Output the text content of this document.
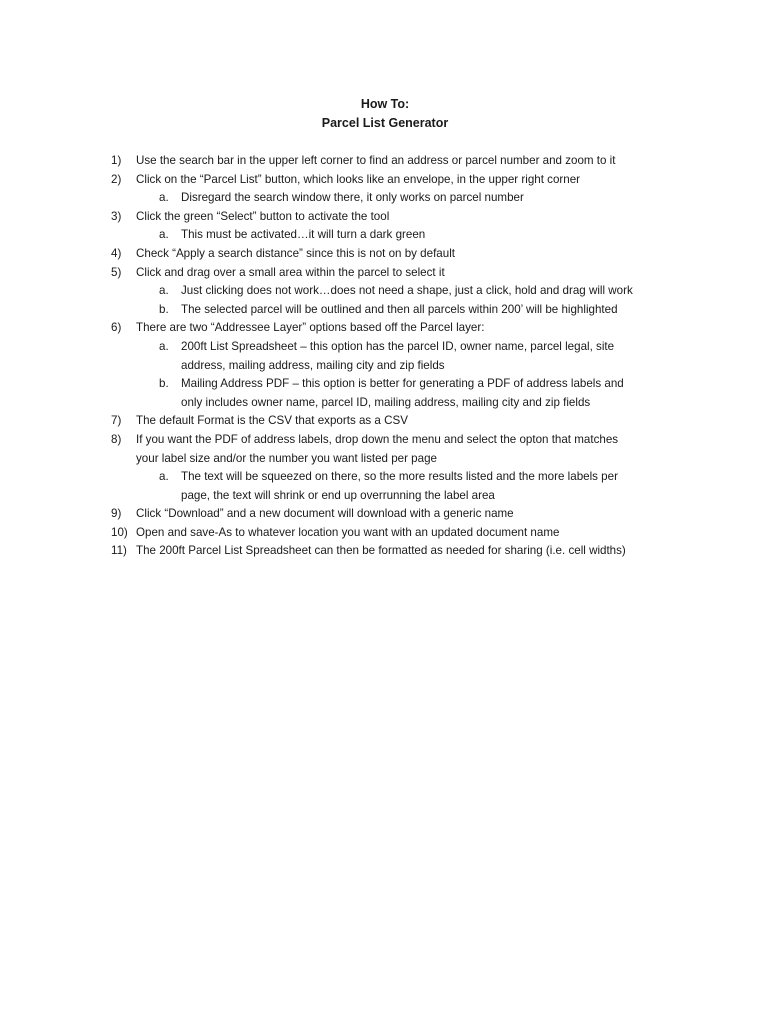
How To:
Parcel List Generator
1)	Use the search bar in the upper left corner to find an address or parcel number and zoom to it
2)	Click on the “Parcel List” button, which looks like an envelope, in the upper right corner
a.	Disregard the search window there, it only works on parcel number
3)	Click the green “Select” button to activate the tool
a.	This must be activated…it will turn a dark green
4)	Check “Apply a search distance” since this is not on by default
5)	Click and drag over a small area within the parcel to select it
a.	Just clicking does not work…does not need a shape, just a click, hold and drag will work
b.	The selected parcel will be outlined and then all parcels within 200’ will be highlighted
6)	There are two “Addressee Layer” options based off the Parcel layer:
a.	200ft List Spreadsheet – this option has the parcel ID, owner name, parcel legal, site
address, mailing address, mailing city and zip fields
b.	Mailing Address PDF – this option is better for generating a PDF of address labels and
only includes owner name, parcel ID, mailing address, mailing city and zip fields
7)	The default Format is the CSV that exports as a CSV
8)	If you want the PDF of address labels, drop down the menu and select the opton that matches
your label size and/or the number you want listed per page
a.	The text will be squeezed on there, so the more results listed and the more labels per
page, the text will shrink or end up overrunning the label area
9)	Click “Download” and a new document will download with a generic name
10) Open and save-As to whatever location you want with an updated document name
11) The 200ft Parcel List Spreadsheet can then be formatted as needed for sharing (i.e. cell widths)
